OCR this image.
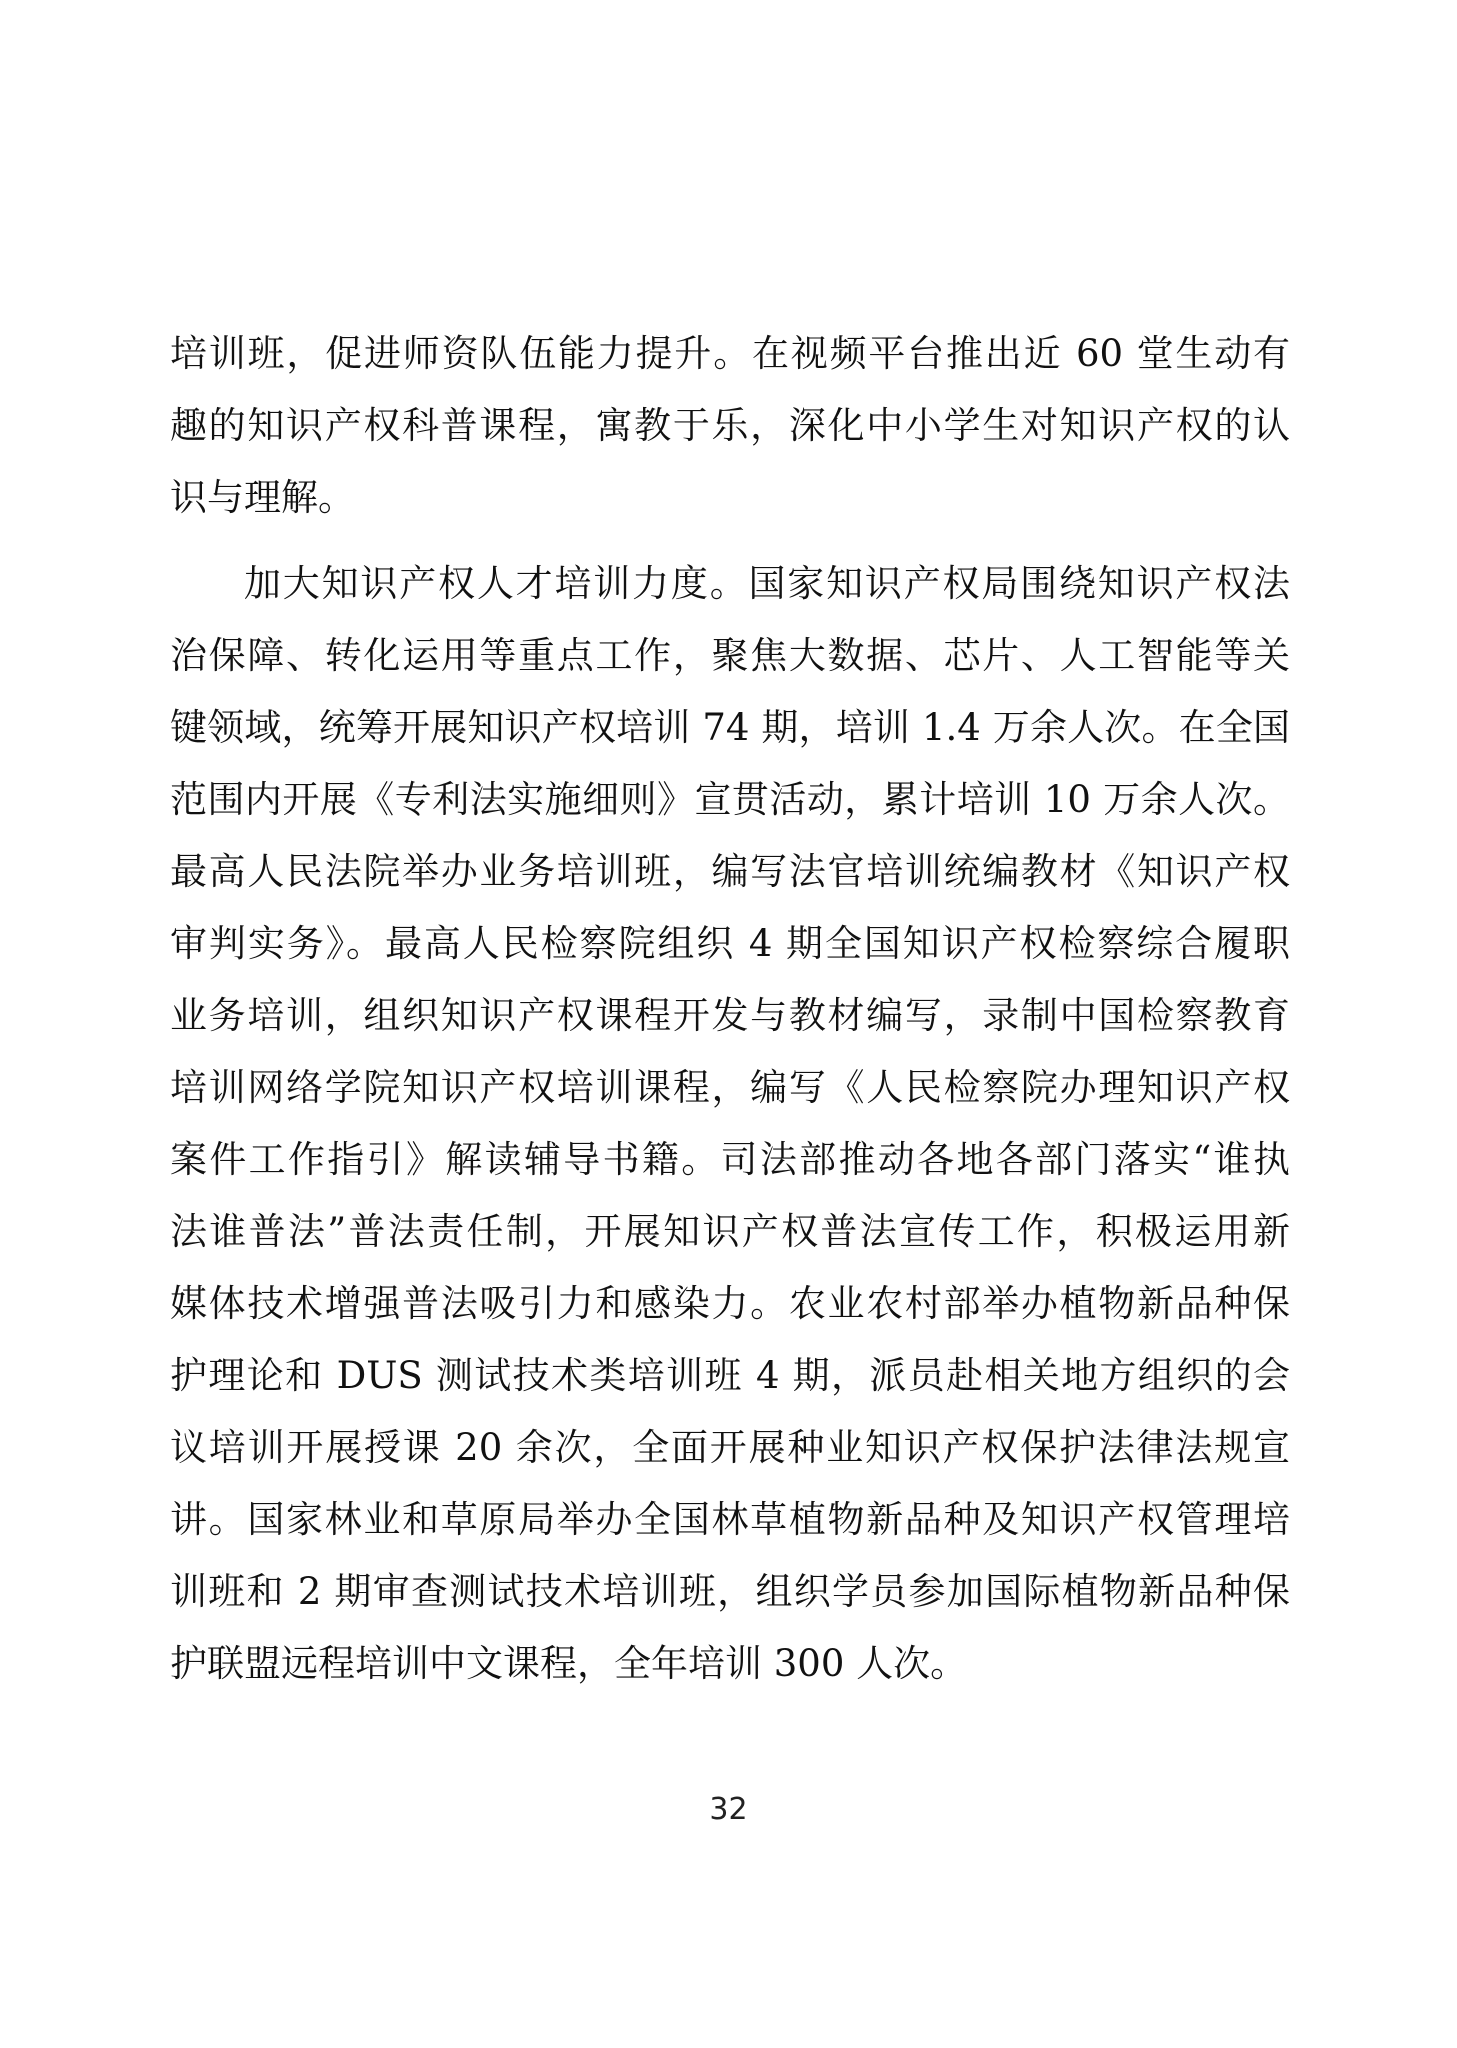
培训班，促进师资队伍能力提升。在视频平台推出近 60 堂生动有
趣的知识产权科普课程，寓教于乐，深化中小学生对知识产权的认
识与理解。
加大知识产权人才培训力度。国家知识产权局围绕知识产权法
治保障、转化运用等重点工作，聚焦大数据、芯片、人工智能等关
键领域，统筹开展知识产权培训 74 期，培训 1.4 万余人次。在全国
范围内开展《专利法实施细则》宣贯活动，累计培训 10 万余人次。
最高人民法院举办业务培训班，编写法官培训统编教材《知识产权
审判实务》。最高人民检察院组织 4 期全国知识产权检察综合履职
业务培训，组织知识产权课程开发与教材编写，录制中国检察教育
培训网络学院知识产权培训课程，编写《人民检察院办理知识产权
案件工作指引》解读辅导书籍。司法部推动各地各部门落实“谁执
法谁普法”普法责任制，开展知识产权普法宣传工作，积极运用新
媒体技术增强普法吸引力和感染力。农业农村部举办植物新品种保
护理论和 DUS 测试技术类培训班 4 期，派员赴相关地方组织的会
议培训开展授课 20 余次，全面开展种业知识产权保护法律法规宣
讲。国家林业和草原局举办全国林草植物新品种及知识产权管理培
训班和 2 期审查测试技术培训班，组织学员参加国际植物新品种保
护联盟远程培训中文课程，全年培训 300 人次。
32
